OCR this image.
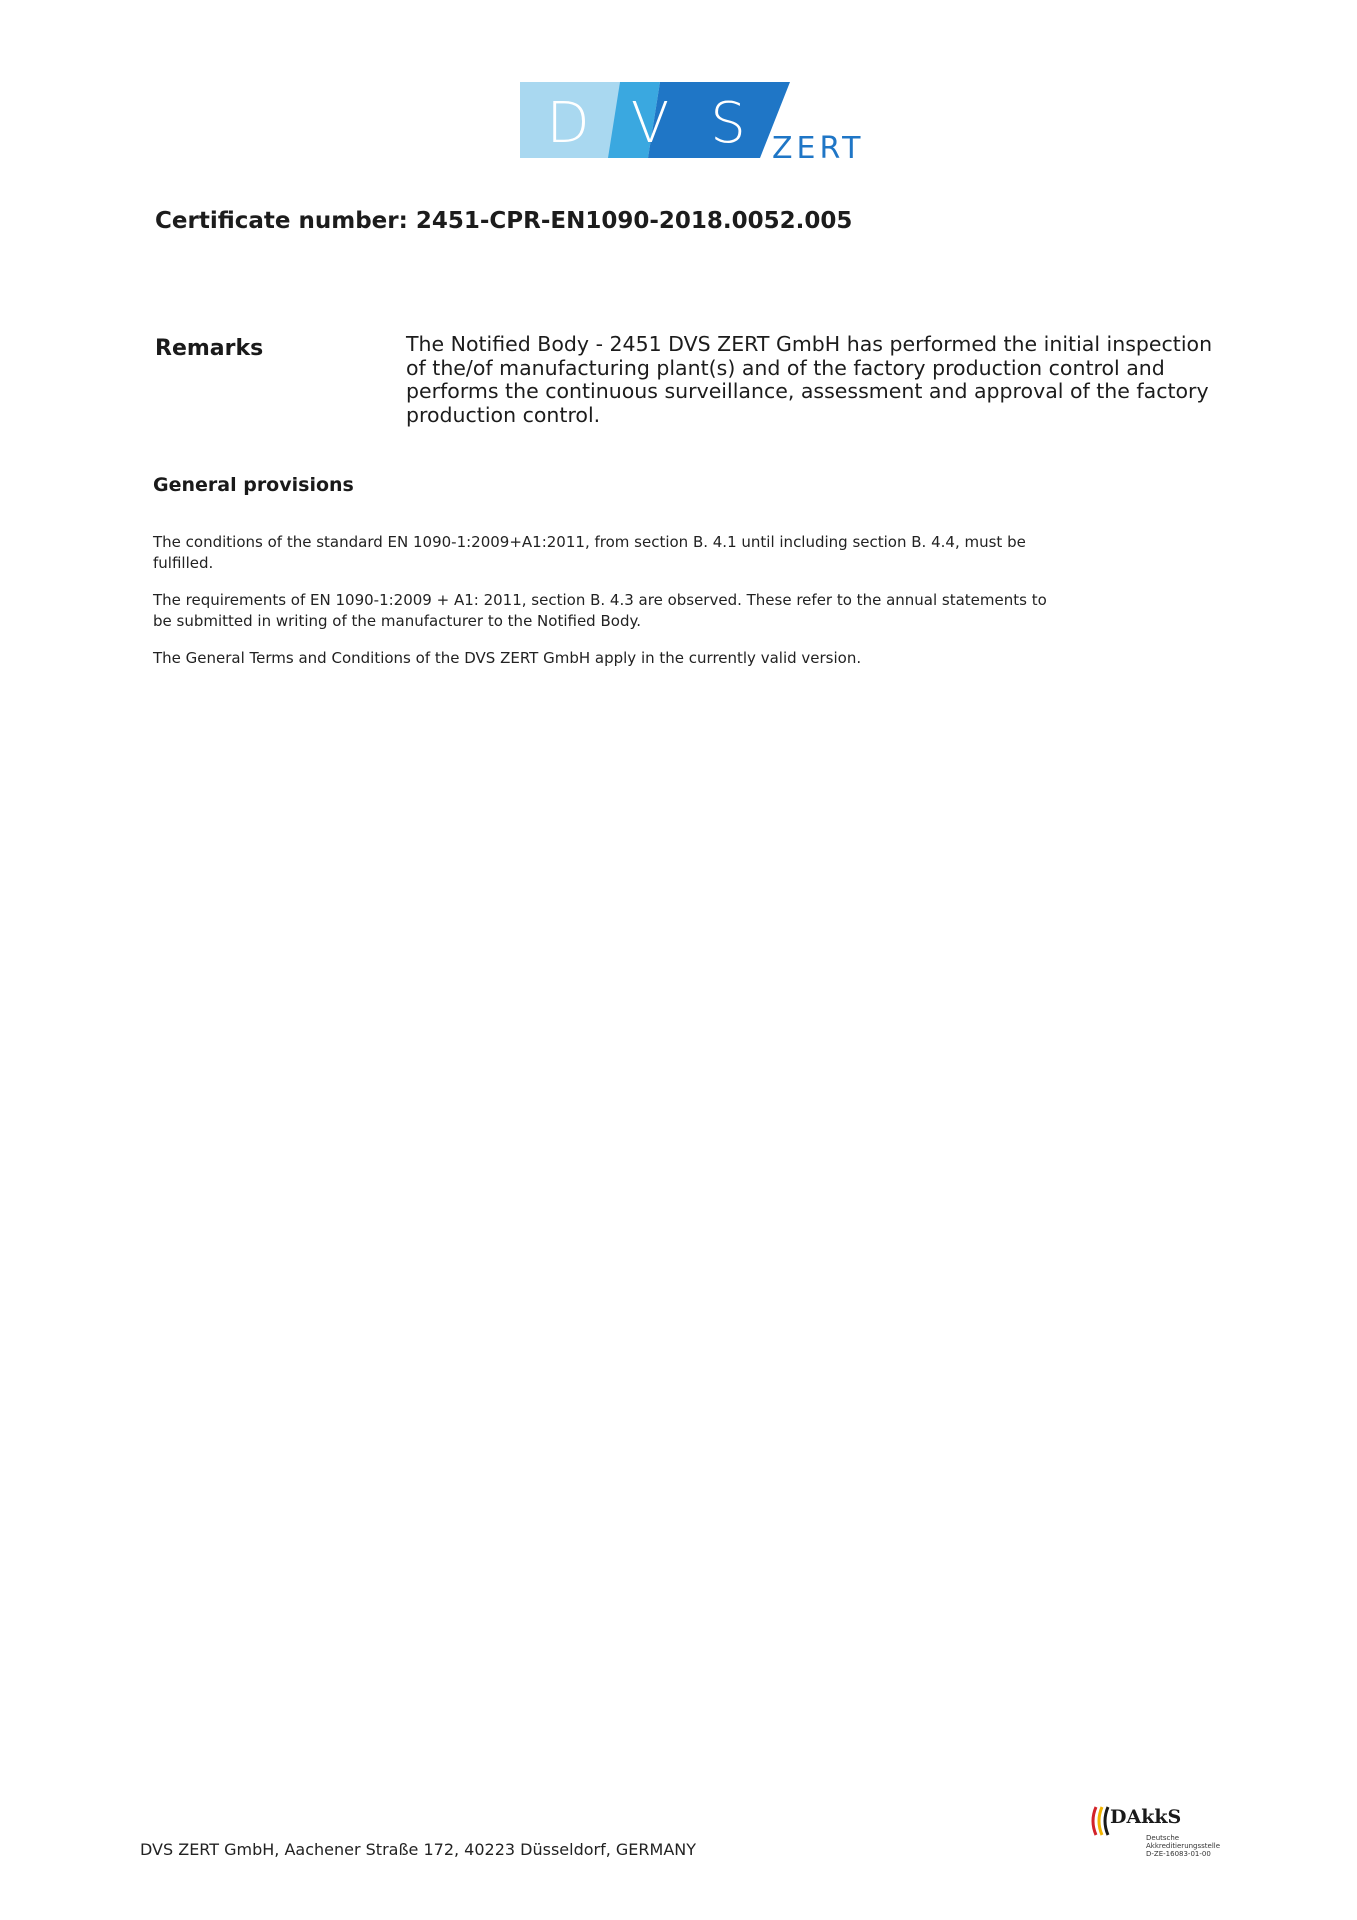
D V S ZERT
Certificate number: 2451-CPR-EN1090-2018.0052.005
Remarks	The Notified Body - 2451 DVS ZERT GmbH has performed the initial inspection of the/of manufacturing plant(s) and of the factory production control and performs the continuous surveillance, assessment and approval of the factory production control.
General provisions
The conditions of the standard EN 1090-1:2009+A1:2011, from section B. 4.1 until including section B. 4.4, must be fulfilled.
The requirements of EN 1090-1:2009 + A1: 2011, section B. 4.3 are observed. These refer to the annual statements to be submitted in writing of the manufacturer to the Notified Body.
The General Terms and Conditions of the DVS ZERT GmbH apply in the currently valid version.
DVS ZERT GmbH, Aachener Straße 172, 40223 Düsseldorf, GERMANY
DAkkS
Deutsche
Akkreditierungsstelle
D-ZE-16083-01-00
